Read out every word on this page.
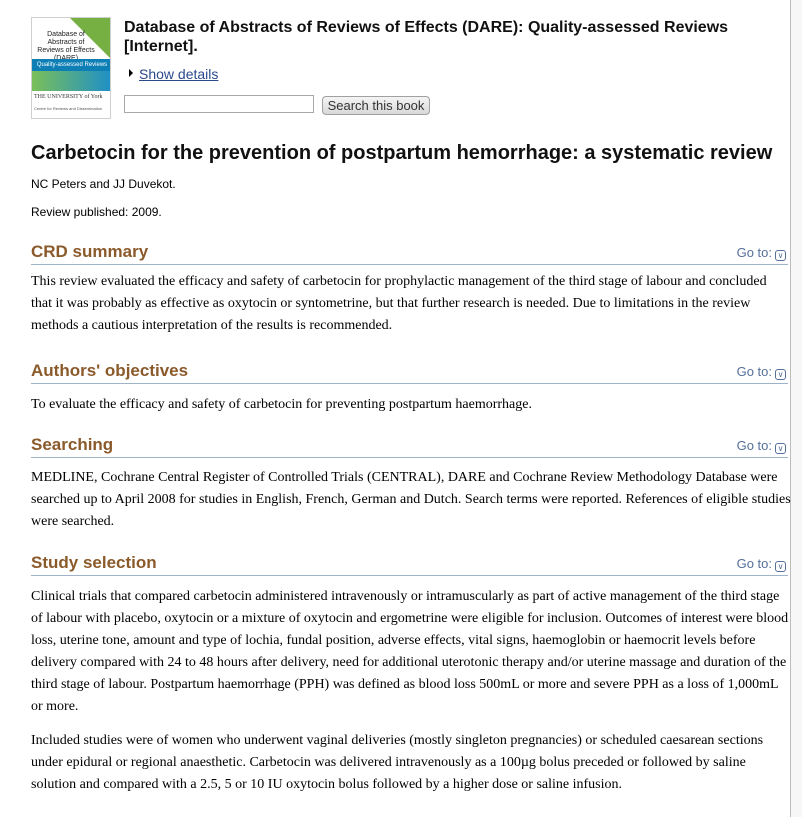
Database of Abstracts of Reviews of Effects
Quality-assessed Reviews
THE UNIVERSITY of York
Centre for Reviews and Dissemination
Database of Abstracts of Reviews of Effects (DARE): Quality-assessed Reviews [Internet].
Show details
Search this book
Carbetocin for the prevention of postpartum hemorrhage: a systematic review
NC Peters and JJ Duvekot.
Review published: 2009.
CRD summary	Go to: ∨
This review evaluated the efficacy and safety of carbetocin for prophylactic management of the third stage of labour and concluded that it was probably as effective as oxytocin or syntometrine, but that further research is needed. Due to limitations in the review methods a cautious interpretation of the results is recommended.
Authors' objectives	Go to: ∨
To evaluate the efficacy and safety of carbetocin for preventing postpartum haemorrhage.
Searching	Go to: ∨
MEDLINE, Cochrane Central Register of Controlled Trials (CENTRAL), DARE and Cochrane Review Methodology Database were searched up to April 2008 for studies in English, French, German and Dutch. Search terms were reported. References of eligible studies were searched.
Study selection	Go to: ∨
Clinical trials that compared carbetocin administered intravenously or intramuscularly as part of active management of the third stage of labour with placebo, oxytocin or a mixture of oxytocin and ergometrine were eligible for inclusion. Outcomes of interest were blood loss, uterine tone, amount and type of lochia, fundal position, adverse effects, vital signs, haemoglobin or haemocrit levels before delivery compared with 24 to 48 hours after delivery, need for additional uterotonic therapy and/or uterine massage and duration of the third stage of labour. Postpartum haemorrhage (PPH) was defined as blood loss 500mL or more and severe PPH as a loss of 1,000mL or more.
Included studies were of women who underwent vaginal deliveries (mostly singleton pregnancies) or scheduled caesarean sections under epidural or regional anaesthetic. Carbetocin was delivered intravenously as a 100µg bolus preceded or followed by saline solution and compared with a 2.5, 5 or 10 IU oxytocin bolus followed by a higher dose or saline infusion.
